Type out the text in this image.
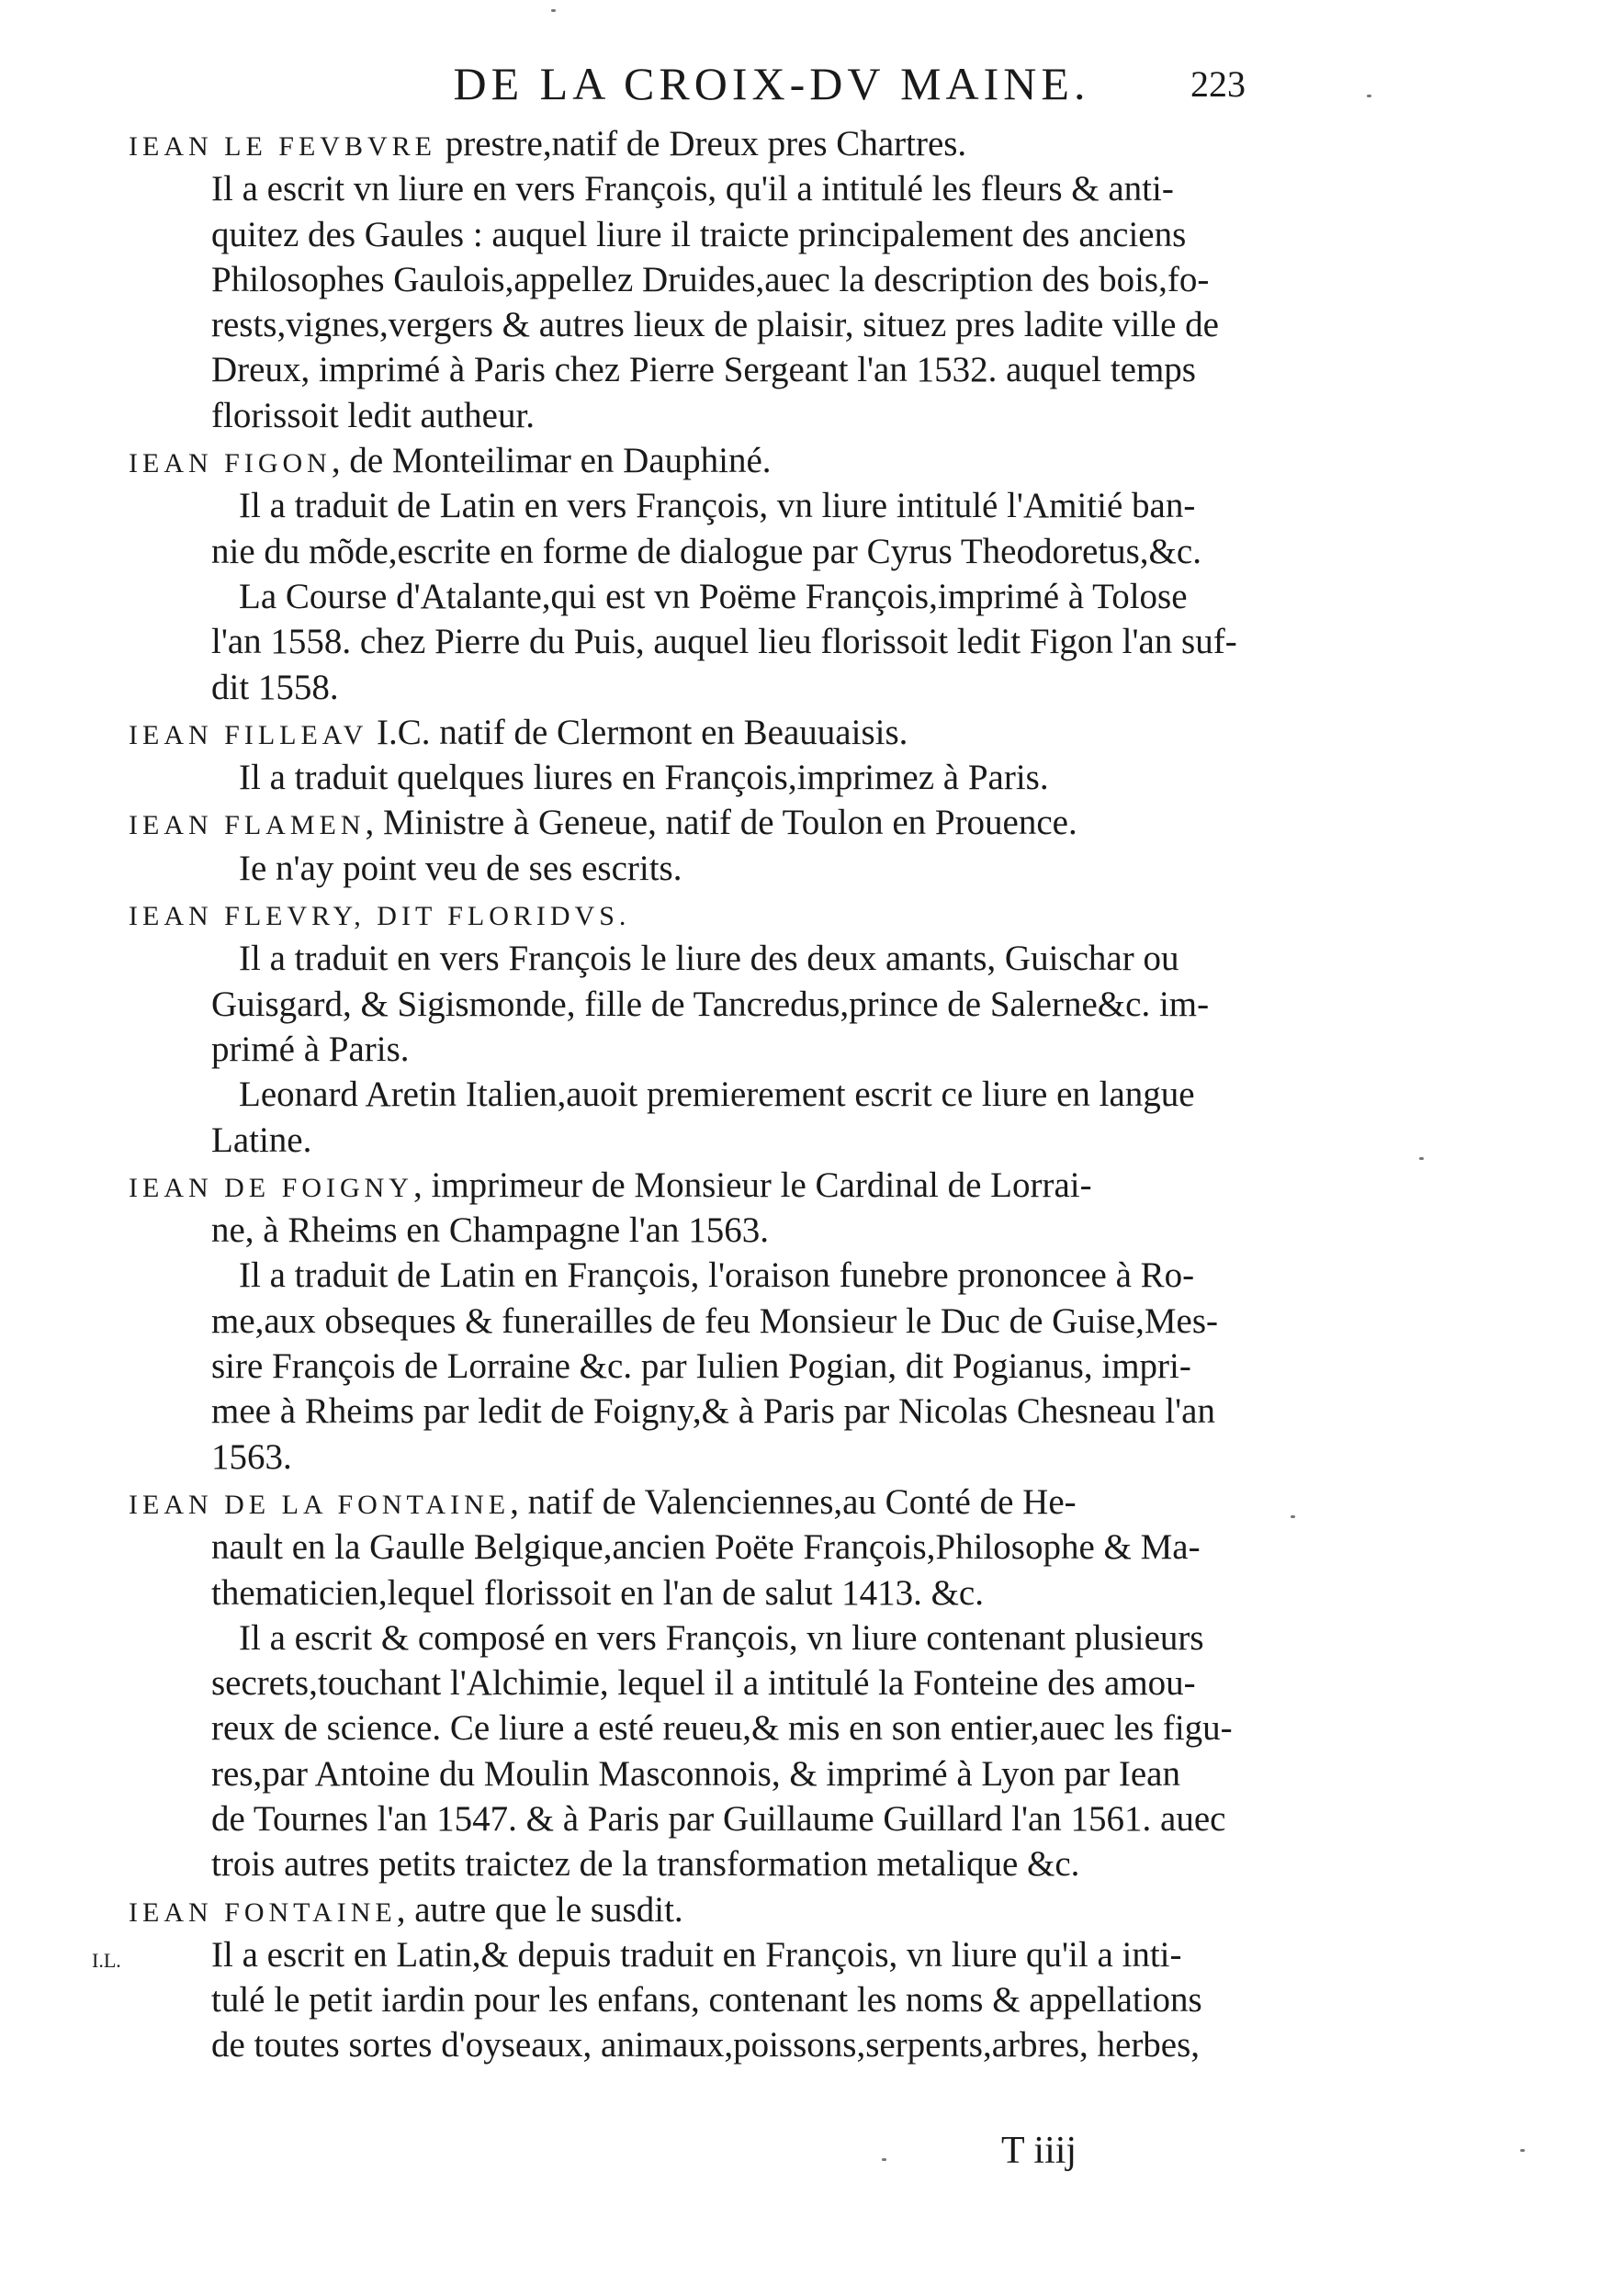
DE LA CROIX-DV MAINE.	223
IEAN LE FEVBVRE prestre,natif de Dreux pres Chartres.
Il a escrit vn liure en vers François, qu'il a intitulé les fleurs & anti-
quitez des Gaules : auquel liure il traicte principalement des anciens
Philosophes Gaulois,appellez Druides,auec la description des bois,fo-
rests,vignes,vergers & autres lieux de plaisir, situez pres ladite ville de
Dreux, imprimé à Paris chez Pierre Sergeant l'an 1532. auquel temps
florissoit ledit autheur.
IEAN FIGON, de Monteilimar en Dauphiné.
Il a traduit de Latin en vers François, vn liure intitulé l'Amitié ban-
nie du mõde,escrite en forme de dialogue par Cyrus Theodoretus,&c.
La Course d'Atalante,qui est vn Poëme François,imprimé à Tolose
l'an 1558. chez Pierre du Puis, auquel lieu florissoit ledit Figon l'an suf-
dit 1558.
IEAN FILLEAV I.C. natif de Clermont en Beauuaisis.
Il a traduit quelques liures en François,imprimez à Paris.
IEAN FLAMEN, Ministre à Geneue, natif de Toulon en Prouence.
Ie n'ay point veu de ses escrits.
IEAN FLEVRY, DIT FLORIDVS.
Il a traduit en vers François le liure des deux amants, Guischar ou
Guisgard, & Sigismonde, fille de Tancredus,prince de Salerne&c. im-
primé à Paris.
Leonard Aretin Italien,auoit premierement escrit ce liure en langue
Latine.
IEAN DE FOIGNY, imprimeur de Monsieur le Cardinal de Lorrai-
ne, à Rheims en Champagne l'an 1563.
Il a traduit de Latin en François, l'oraison funebre prononcee à Ro-
me,aux obseques & funerailles de feu Monsieur le Duc de Guise,Mes-
sire François de Lorraine &c. par Iulien Pogian, dit Pogianus, impri-
mee à Rheims par ledit de Foigny,& à Paris par Nicolas Chesneau l'an
1563.
IEAN DE LA FONTAINE, natif de Valenciennes,au Conté de He-
nault en la Gaulle Belgique,ancien Poëte François,Philosophe & Ma-
thematicien,lequel florissoit en l'an de salut 1413. &c.
Il a escrit & composé en vers François, vn liure contenant plusieurs
secrets,touchant l'Alchimie, lequel il a intitulé la Fonteine des amou-
reux de science. Ce liure a esté reueu,& mis en son entier,auec les figu-
res,par Antoine du Moulin Masconnois, & imprimé à Lyon par Iean
de Tournes l'an 1547. & à Paris par Guillaume Guillard l'an 1561. auec
trois autres petits traictez de la transformation metalique &c.
IEAN FONTAINE, autre que le susdit.
Il a escrit en Latin,& depuis traduit en François, vn liure qu'il a inti-
tulé le petit iardin pour les enfans, contenant les noms & appellations
de toutes sortes d'oyseaux, animaux,poissons,serpents,arbres, herbes,
I.L.
T iiij
